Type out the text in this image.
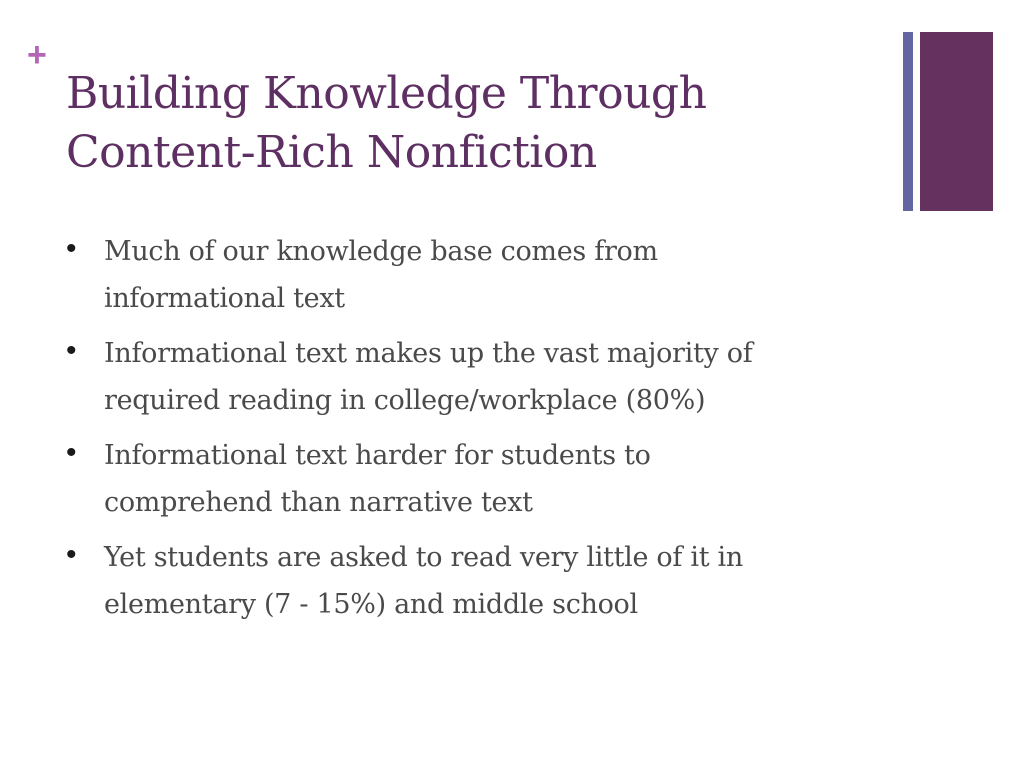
+
Building Knowledge Through
Content-Rich Nonfiction
• Much of our knowledge base comes from
informational text
• Informational text makes up the vast majority of
required reading in college/workplace (80%)
• Informational text harder for students to
comprehend than narrative text
• Yet students are asked to read very little of it in
elementary (7 - 15%) and middle school
